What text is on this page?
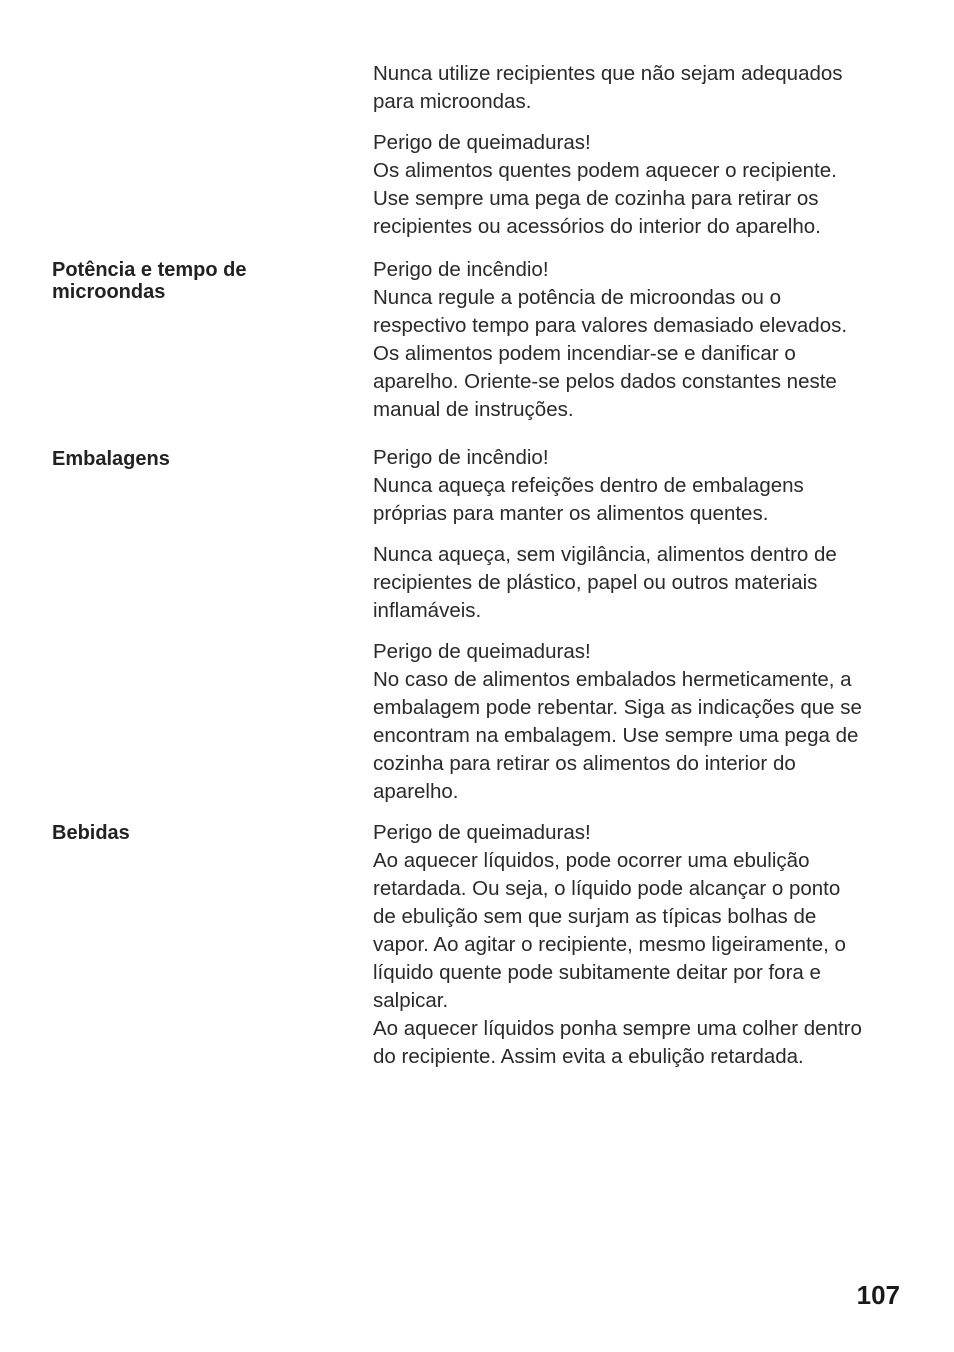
Nunca utilize recipientes que não sejam adequados
para microondas.

Perigo de queimaduras!
Os alimentos quentes podem aquecer o recipiente.
Use sempre uma pega de cozinha para retirar os
recipientes ou acessórios do interior do aparelho.

Potência e tempo de microondas

Perigo de incêndio!
Nunca regule a potência de microondas ou o
respectivo tempo para valores demasiado elevados.
Os alimentos podem incendiar-se e danificar o
aparelho. Oriente-se pelos dados constantes neste
manual de instruções.

Embalagens	Perigo de incêndio!
Nunca aqueça refeições dentro de embalagens
próprias para manter os alimentos quentes.

Nunca aqueça, sem vigilância, alimentos dentro de
recipientes de plástico, papel ou outros materiais
inflamáveis.

Perigo de queimaduras!
No caso de alimentos embalados hermeticamente, a
embalagem pode rebentar. Siga as indicações que se
encontram na embalagem. Use sempre uma pega de
cozinha para retirar os alimentos do interior do
aparelho.

Bebidas	Perigo de queimaduras!
Ao aquecer líquidos, pode ocorrer uma ebulição
retardada. Ou seja, o líquido pode alcançar o ponto
de ebulição sem que surjam as típicas bolhas de
vapor. Ao agitar o recipiente, mesmo ligeiramente, o
líquido quente pode subitamente deitar por fora e
salpicar.
Ao aquecer líquidos ponha sempre uma colher dentro
do recipiente. Assim evita a ebulição retardada.

107
